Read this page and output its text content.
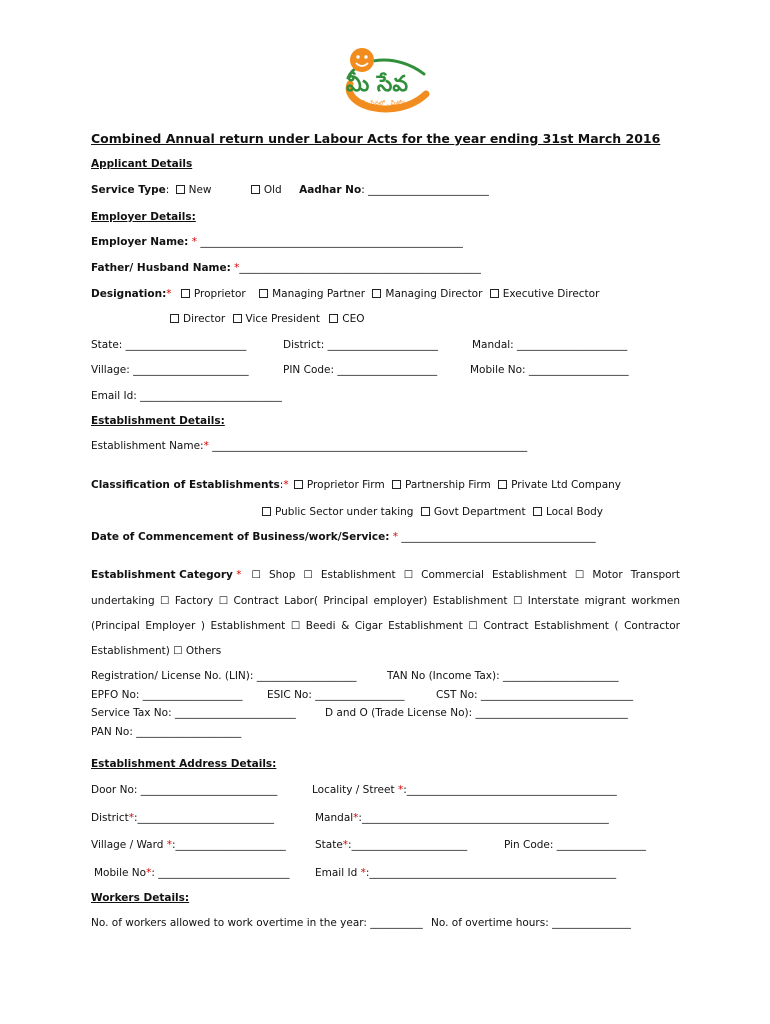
మీ సేవ
మీ సేవలో . మీకోసం
Combined Annual return under Labour Acts for the year ending 31st March 2016
Applicant Details
Service Type: New	Old Aadhar No: _______________________
Employer Details:
Employer Name: * __________________________________________________
Father/ Husband Name: *______________________________________________
Designation:* Proprietor	Managing Partner Managing Director Executive Director
Director Vice President CEO
State: _______________________	District: _____________________	Mandal: _____________________
Village: ______________________	PIN Code: ___________________	Mobile No: ___________________
Email Id: ___________________________
Establishment Details:
Establishment Name:* ____________________________________________________________
Classification of Establishments:* Proprietor Firm Partnership Firm Private Ltd Company
Public Sector under taking Govt Department Local Body
Date of Commencement of Business/work/Service: * _____________________________________
Establishment Category * ☐ Shop ☐ Establishment ☐ Commercial Establishment ☐ Motor Transport
undertaking ☐ Factory ☐ Contract Labor( Principal employer) Establishment ☐ Interstate migrant workmen
(Principal Employer ) Establishment ☐ Beedi & Cigar Establishment ☐ Contract Establishment ( Contractor
Establishment) ☐ Others
Registration/ License No. (LIN): ___________________	TAN No (Income Tax): ______________________
EPFO No: ___________________ ESIC No: _________________	CST No: _____________________________
Service Tax No: _______________________	D and O (Trade License No): _____________________________
PAN No: ____________________
Establishment Address Details:
Door No: __________________________	Locality / Street *:________________________________________
District*:__________________________	Mandal*:_______________________________________________
Village / Ward *:_____________________	State*:______________________	Pin Code: _________________
Mobile No*: _________________________ Email Id *:_______________________________________________
Workers Details:
No. of workers allowed to work overtime in the year: __________ No. of overtime hours: _______________
